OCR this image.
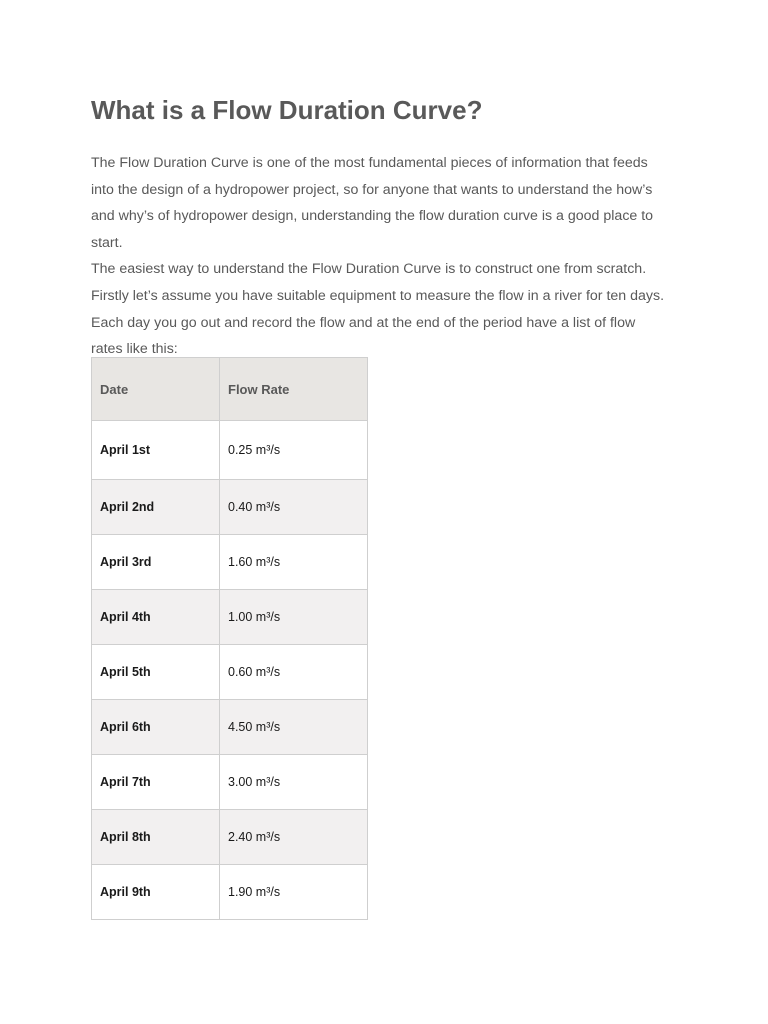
What is a Flow Duration Curve?

The Flow Duration Curve is one of the most fundamental pieces of information that feeds

into the design of a hydropower project, so for anyone that wants to understand the how’s

and why’s of hydropower design, understanding the flow duration curve is a good place to

start.

The easiest way to understand the Flow Duration Curve is to construct one from scratch.

Firstly let’s assume you have suitable equipment to measure the flow in a river for ten days.

Each day you go out and record the flow and at the end of the period have a list of flow

rates like this:

Date	Flow Rate
April 1st	0.25 m³/s
April 2nd	0.40 m³/s
April 3rd	1.60 m³/s
April 4th	1.00 m³/s
April 5th	0.60 m³/s
April 6th	4.50 m³/s
April 7th	3.00 m³/s
April 8th	2.40 m³/s
April 9th	1.90 m³/s
